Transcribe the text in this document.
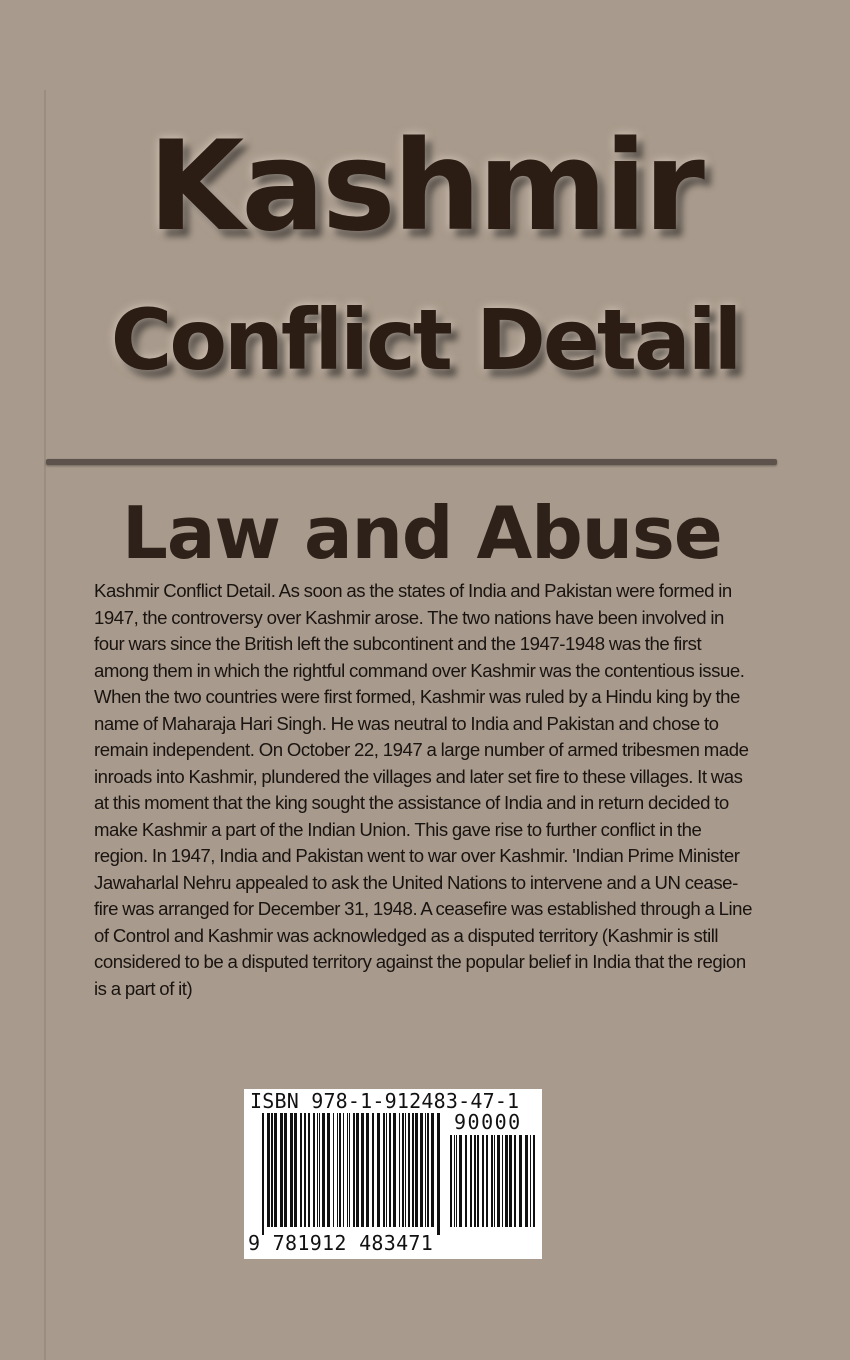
Kashmir
Conflict Detail
Law and Abuse

Kashmir Conflict Detail. As soon as the states of India and Pakistan were formed in 1947, the controversy over Kashmir arose. The two nations have been involved in four wars since the British left the subcontinent and the 1947-1948 was the first among them in which the rightful command over Kashmir was the contentious issue. When the two countries were first formed, Kashmir was ruled by a Hindu king by the name of Maharaja Hari Singh. He was neutral to India and Pakistan and chose to remain independent. On October 22, 1947 a large number of armed tribesmen made inroads into Kashmir, plundered the villages and later set fire to these villages. It was at this moment that the king sought the assistance of India and in return decided to make Kashmir a part of the Indian Union. This gave rise to further conflict in the region. In 1947, India and Pakistan went to war over Kashmir. 'Indian Prime Minister Jawaharlal Nehru appealed to ask the United Nations to intervene and a UN cease-fire was arranged for December 31, 1948. A ceasefire was established through a Line of Control and Kashmir was acknowledged as a disputed territory (Kashmir is still considered to be a disputed territory against the popular belief in India that the region is a part of it)

ISBN 978-1-912483-47-1
90000
9 781912 483471
